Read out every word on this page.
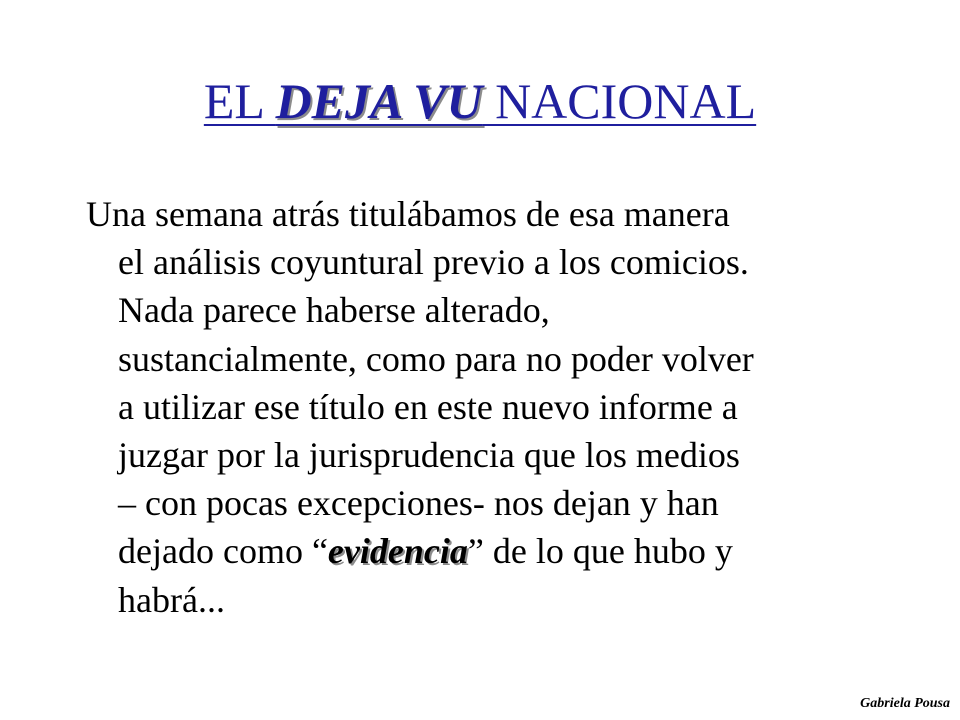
EL DEJA VU NACIONAL
Una semana atrás titulábamos de esa manera
el análisis coyuntural previo a los comicios.
Nada parece haberse alterado,
sustancialmente, como para no poder volver
a utilizar ese título en este nuevo informe a
juzgar por la jurisprudencia que los medios
– con pocas excepciones- nos dejan y han
dejado como “evidencia” de lo que hubo y
habrá...
Gabriela Pousa
